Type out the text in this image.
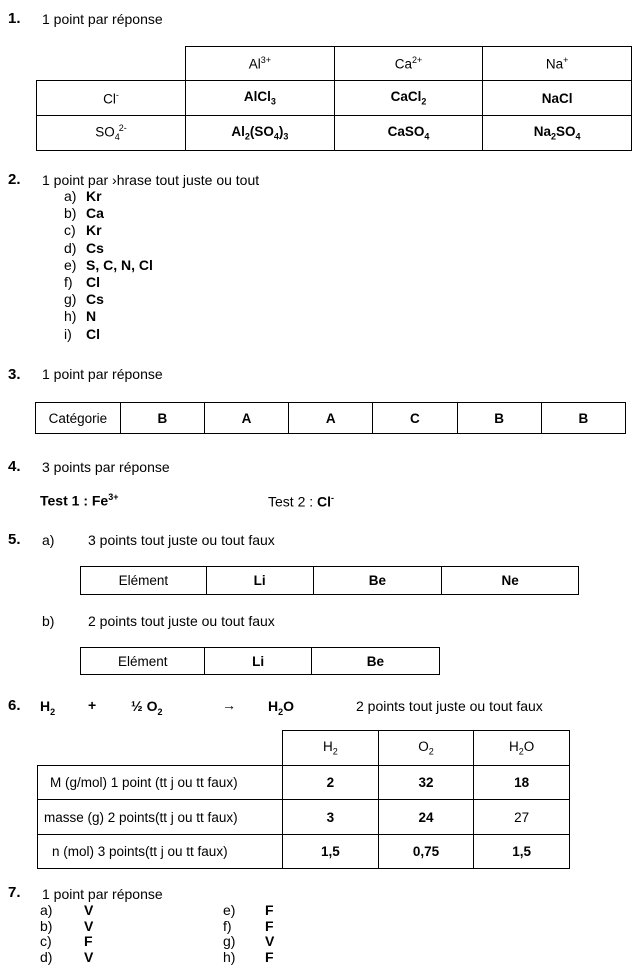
1. 1 point par réponse
	$Al^{3+}$	$Ca^{2+}$	Na+
Cl-	AlCl$_3$	CaCl$_2$	NaCl
$SO_4^{2-}$	$Al_2(SO_4)_3$	CaSO$_4$	$Na_2SO_4$
2. 1 point par ›hrase tout juste ou tout
a) Kr
b) Ca
c) Kr
d) Cs
e) S, C, N, Cl
f) Cl
g) Cs
h) N
i)	Cl
3. 1 point par réponse
Catégorie	B	A	A	C	B	B
4. 3 points par réponse
Test 1 : $Fe^{3+}$	Test 2 : Cl-
5. a) 3 points tout juste ou tout faux
Elément	Li	Be	Ne
b) 2 points tout juste ou tout faux
Elément	Li	Be
6. $H_2$ + ½ $O_2$	→ $H_2O$	2 points tout juste ou tout faux
	$H_2$	$O_2$	$H_2O$
M (g/mol) 1 point (tt j ou tt faux)	2	32	18
masse (g) 2 points(tt j ou tt faux)	3	24	27
n (mol) 3 points(tt j ou tt faux)	1,5	0,75	1,5
7. 1 point par réponse
a)	V
b)	V
c)	F
d)	V
e)	F
f)	F
g)	V
h)	F
